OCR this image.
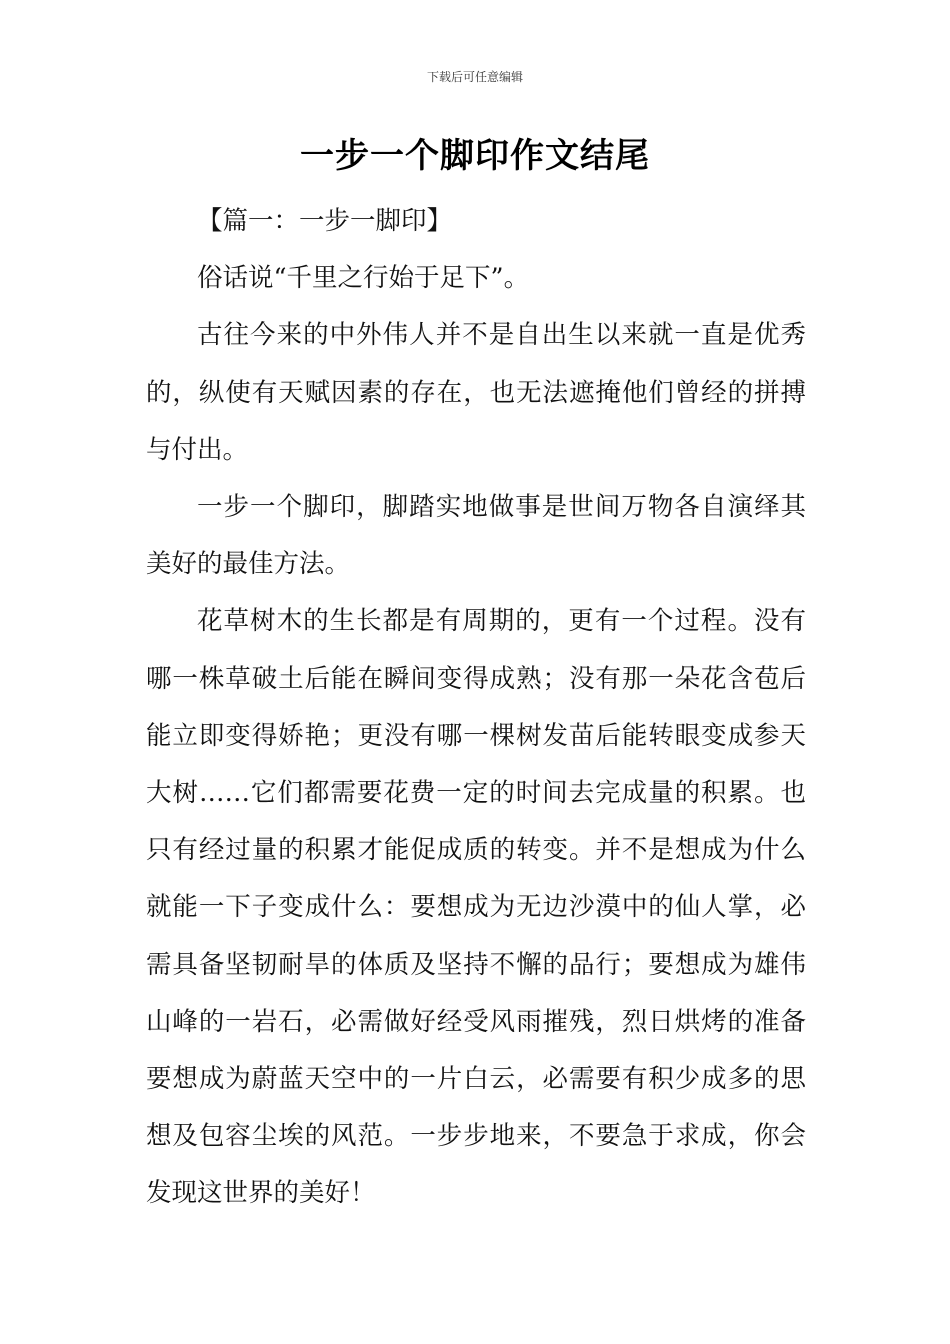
下载后可任意编辑
一步一个脚印作文结尾

【篇一：一步一脚印】

俗话说“千里之行始于足下”。

古往今来的中外伟人并不是自出生以来就一直是优秀的，纵使有天赋因素的存在，也无法遮掩他们曾经的拼搏与付出。

一步一个脚印，脚踏实地做事是世间万物各自演绎其美好的最佳方法。

花草树木的生长都是有周期的，更有一个过程。没有哪一株草破土后能在瞬间变得成熟；没有那一朵花含苞后能立即变得娇艳；更没有哪一棵树发苗后能转眼变成参天大树……它们都需要花费一定的时间去完成量的积累。也只有经过量的积累才能促成质的转变。并不是想成为什么就能一下子变成什么：要想成为无边沙漠中的仙人掌，必需具备坚韧耐旱的体质及坚持不懈的品行；要想成为雄伟山峰的一岩石，必需做好经受风雨摧残，烈日烘烤的准备要想成为蔚蓝天空中的一片白云，必需要有积少成多的思想及包容尘埃的风范。一步步地来，不要急于求成，你会发现这世界的美好！
